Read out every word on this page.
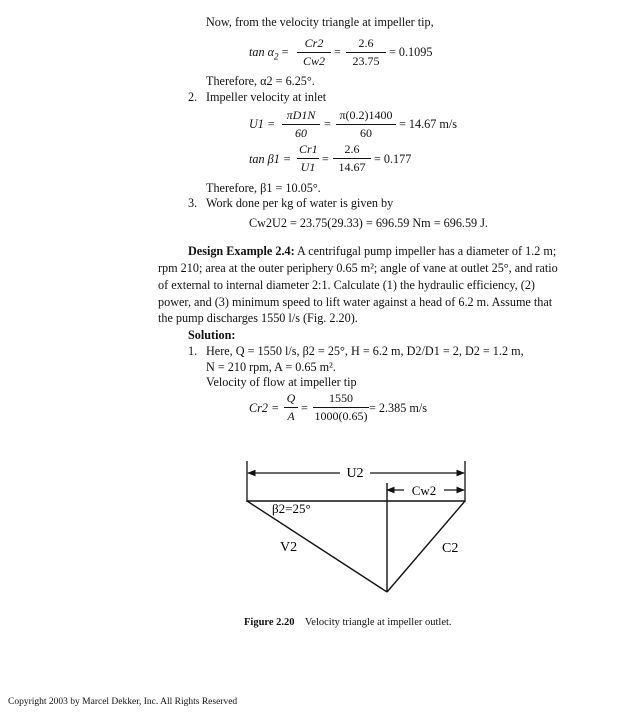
Now, from the velocity triangle at impeller tip,
$\tan \alpha_2 = \frac{Cr2}{Cw2} = \frac{2.6}{23.75} = 0.1095$
Therefore, α2 = 6.25°.
2. Impeller velocity at inlet
$U1 = \frac{\pi D1N}{60} = \frac{\pi(0.2)1400}{60} = 14.67$ m/s
$\tan \beta 1 = \frac{Cr1}{U1} = \frac{2.6}{14.67} = 0.177$
Therefore, β1 = 10.05°.
3. Work done per kg of water is given by
Cw2U2 = 23.75(29.33) = 696.59 Nm = 696.59 J.
Design Example 2.4: A centrifugal pump impeller has a diameter of 1.2 m;
rpm 210; area at the outer periphery 0.65 m²; angle of vane at outlet 25°, and ratio
of external to internal diameter 2:1. Calculate (1) the hydraulic efficiency, (2)
power, and (3) minimum speed to lift water against a head of 6.2 m. Assume that
the pump discharges 1550 l/s (Fig. 2.20).
Solution:
1. Here, Q = 1550 l/s, β2 = 25°, H = 6.2 m, D2/D1 = 2, D2 = 1.2 m,
N = 210 rpm, A = 0.65 m².
Velocity of flow at impeller tip
$Cr2 = \frac{Q}{A} = \frac{1550}{1000(0.65)} = 2.385$ m/s
U2
Cw2
β2=25°
V2	C2
Figure 2.20 Velocity triangle at impeller outlet.
Copyright 2003 by Marcel Dekker, Inc. All Rights Reserved
